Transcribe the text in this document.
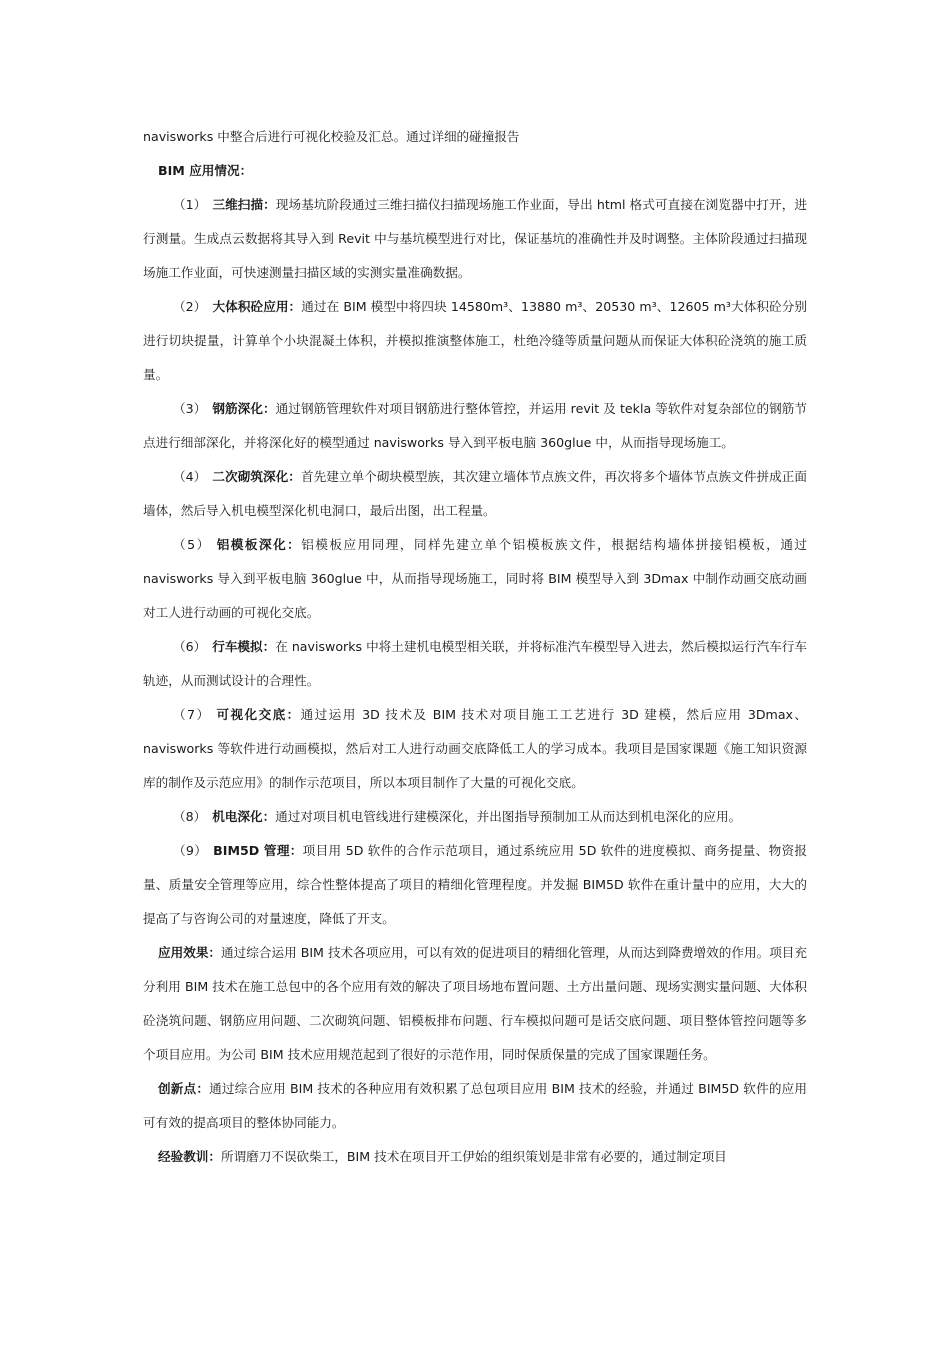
navisworks 中整合后进行可视化校验及汇总。通过详细的碰撞报告

BIM 应用情况：

（1） 三维扫描：现场基坑阶段通过三维扫描仪扫描现场施工作业面，导出 html 格式可直接在浏览器中打开，进行测量。生成点云数据将其导入到 Revit 中与基坑模型进行对比，保证基坑的准确性并及时调整。主体阶段通过扫描现场施工作业面，可快速测量扫描区域的实测实量准确数据。

（2） 大体积砼应用：通过在 BIM 模型中将四块 14580m³、13880 m³、20530 m³、12605 m³大体积砼分别进行切块提量，计算单个小块混凝土体积，并模拟推演整体施工，杜绝冷缝等质量问题从而保证大体积砼浇筑的施工质量。

（3） 钢筋深化：通过钢筋管理软件对项目钢筋进行整体管控，并运用 revit 及 tekla 等软件对复杂部位的钢筋节点进行细部深化，并将深化好的模型通过 navisworks 导入到平板电脑 360glue 中，从而指导现场施工。

（4） 二次砌筑深化：首先建立单个砌块模型族，其次建立墙体节点族文件，再次将多个墙体节点族文件拼成正面墙体，然后导入机电模型深化机电洞口，最后出图，出工程量。

（5） 铝模板深化：铝模板应用同理，同样先建立单个铝模板族文件，根据结构墙体拼接铝模板，通过 navisworks 导入到平板电脑 360glue 中，从而指导现场施工，同时将 BIM 模型导入到 3Dmax 中制作动画交底动画对工人进行动画的可视化交底。

（6） 行车模拟：在 navisworks 中将土建机电模型相关联，并将标准汽车模型导入进去，然后模拟运行汽车行车轨迹，从而测试设计的合理性。

（7） 可视化交底：通过运用 3D 技术及 BIM 技术对项目施工工艺进行 3D 建模，然后应用 3Dmax、navisworks 等软件进行动画模拟，然后对工人进行动画交底降低工人的学习成本。我项目是国家课题《施工知识资源库的制作及示范应用》的制作示范项目，所以本项目制作了大量的可视化交底。

（8） 机电深化：通过对项目机电管线进行建模深化，并出图指导预制加工从而达到机电深化的应用。

（9） BIM5D 管理：项目用 5D 软件的合作示范项目，通过系统应用 5D 软件的进度模拟、商务提量、物资报量、质量安全管理等应用，综合性整体提高了项目的精细化管理程度。并发掘 BIM5D 软件在重计量中的应用，大大的提高了与咨询公司的对量速度，降低了开支。

应用效果：通过综合运用 BIM 技术各项应用，可以有效的促进项目的精细化管理，从而达到降费增效的作用。项目充分利用 BIM 技术在施工总包中的各个应用有效的解决了项目场地布置问题、土方出量问题、现场实测实量问题、大体积砼浇筑问题、钢筋应用问题、二次砌筑问题、铝模板排布问题、行车模拟问题可是话交底问题、项目整体管控问题等多个项目应用。为公司 BIM 技术应用规范起到了很好的示范作用，同时保质保量的完成了国家课题任务。

创新点：通过综合应用 BIM 技术的各种应用有效积累了总包项目应用 BIM 技术的经验，并通过 BIM5D 软件的应用可有效的提高项目的整体协同能力。

经验教训：所谓磨刀不误砍柴工，BIM 技术在项目开工伊始的组织策划是非常有必要的，通过制定项目
